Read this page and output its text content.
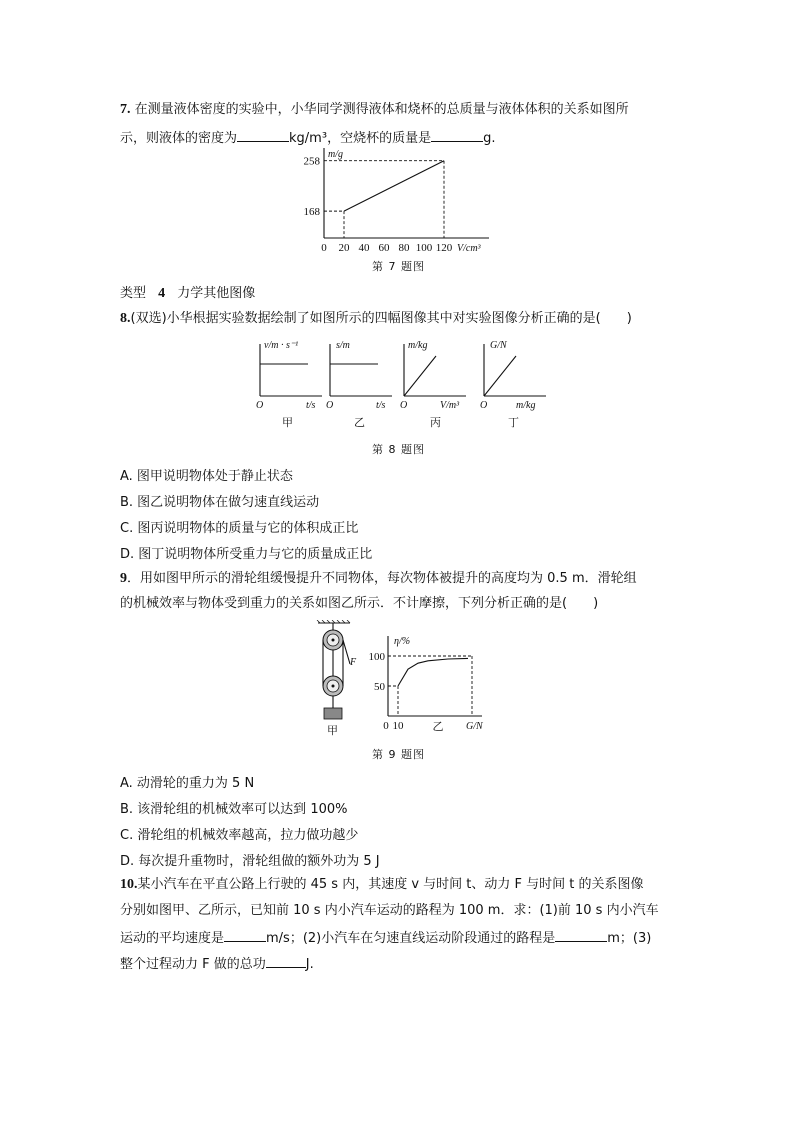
7. 在测量液体密度的实验中，小华同学测得液体和烧杯的总质量与液体体积的关系如图所
示，则液体的密度为	kg/m³，空烧杯的质量是	g.
m/g
258
168
0 20 40 60 80 100 120 V/cm³
第 7 题图
类型 4 力学其他图像
8.(双选)小华根据实验数据绘制了如图所示的四幅图像其中对实验图像分析正确的是(　　)
v/m · s⁻¹
O	t/s
甲
s/m
O	t/s
乙
m/kg
O	V/m³
丙
G/N
O	m/kg
丁
第 8 题图
A. 图甲说明物体处于静止状态
B. 图乙说明物体在做匀速直线运动
C. 图丙说明物体的质量与它的体积成正比
D. 图丁说明物体所受重力与它的质量成正比
9．用如图甲所示的滑轮组缓慢提升不同物体，每次物体被提升的高度均为 0.5 m．滑轮组
的机械效率与物体受到重力的关系如图乙所示．不计摩擦，下列分析正确的是(　　)
F
甲
η/%
100
50
0 10	乙 G/N
第 9 题图
A. 动滑轮的重力为 5 N
B. 该滑轮组的机械效率可以达到 100%
C. 滑轮组的机械效率越高，拉力做功越少
D. 每次提升重物时，滑轮组做的额外功为 5 J
10.某小汽车在平直公路上行驶的 45 s 内，其速度 v 与时间 t、动力 F 与时间 t 的关系图像
分别如图甲、乙所示，已知前 10 s 内小汽车运动的路程为 100 m．求：(1)前 10 s 内小汽车
运动的平均速度是	m/s；(2)小汽车在匀速直线运动阶段通过的路程是	m；(3)
整个过程动力 F 做的总功	J.
